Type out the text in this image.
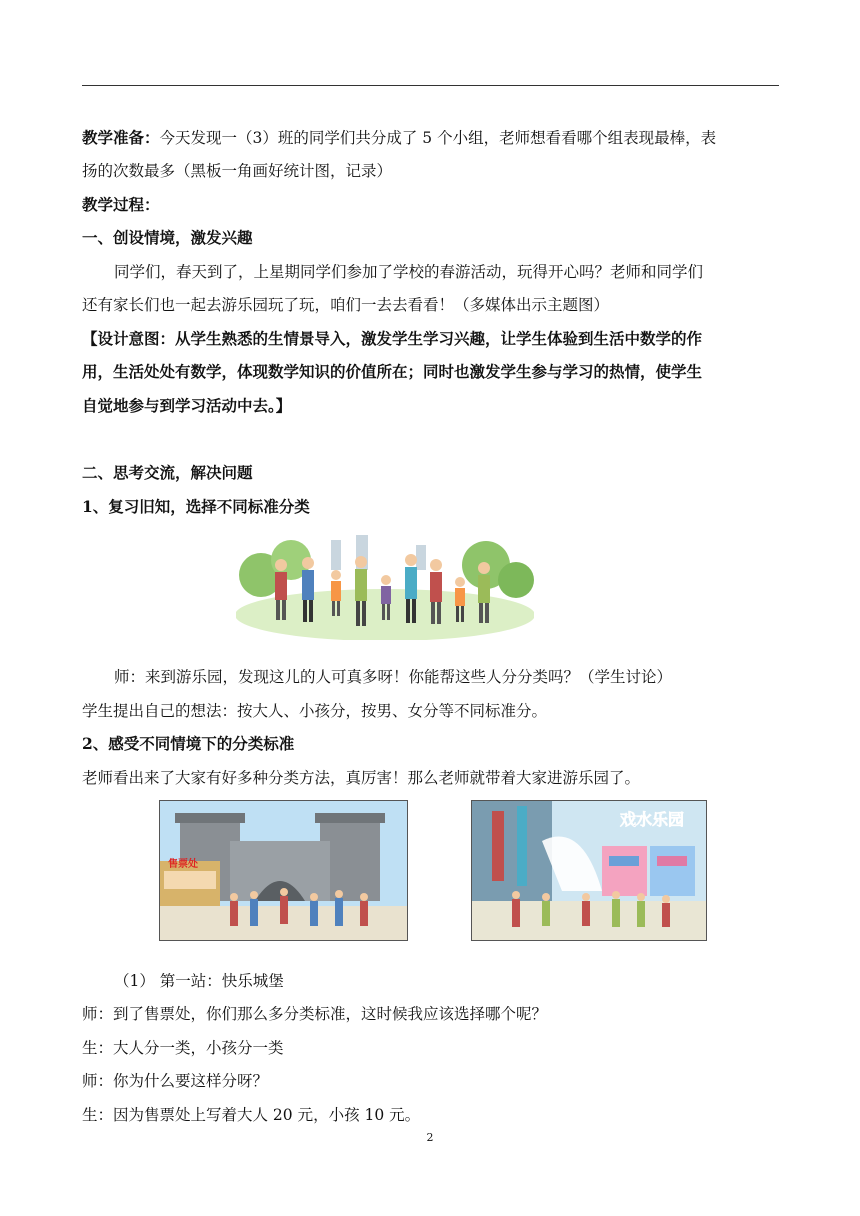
教学准备：今天发现一（3）班的同学们共分成了 5 个小组，老师想看看哪个组表现最棒，表
扬的次数最多（黑板一角画好统计图，记录）
教学过程：
一、创设情境，激发兴趣
同学们，春天到了，上星期同学们参加了学校的春游活动，玩得开心吗？老师和同学们
还有家长们也一起去游乐园玩了玩，咱们一去去看看！（多媒体出示主题图）
【设计意图：从学生熟悉的生情景导入，激发学生学习兴趣，让学生体验到生活中数学的作
用，生活处处有数学，体现数学知识的价值所在；同时也激发学生参与学习的热情，使学生
自觉地参与到学习活动中去。】
二、思考交流，解决问题
1、复习旧知，选择不同标准分类
师：来到游乐园，发现这儿的人可真多呀！你能帮这些人分分类吗？（学生讨论）
学生提出自己的想法：按大人、小孩分，按男、女分等不同标准分。
2、感受不同情境下的分类标准
老师看出来了大家有好多种分类方法，真厉害！那么老师就带着大家进游乐园了。
售票处
戏水乐园
（1） 第一站：快乐城堡
师：到了售票处，你们那么多分类标准，这时候我应该选择哪个呢？
生：大人分一类，小孩分一类
师：你为什么要这样分呀？
生：因为售票处上写着大人 20 元，小孩 10 元。
2
